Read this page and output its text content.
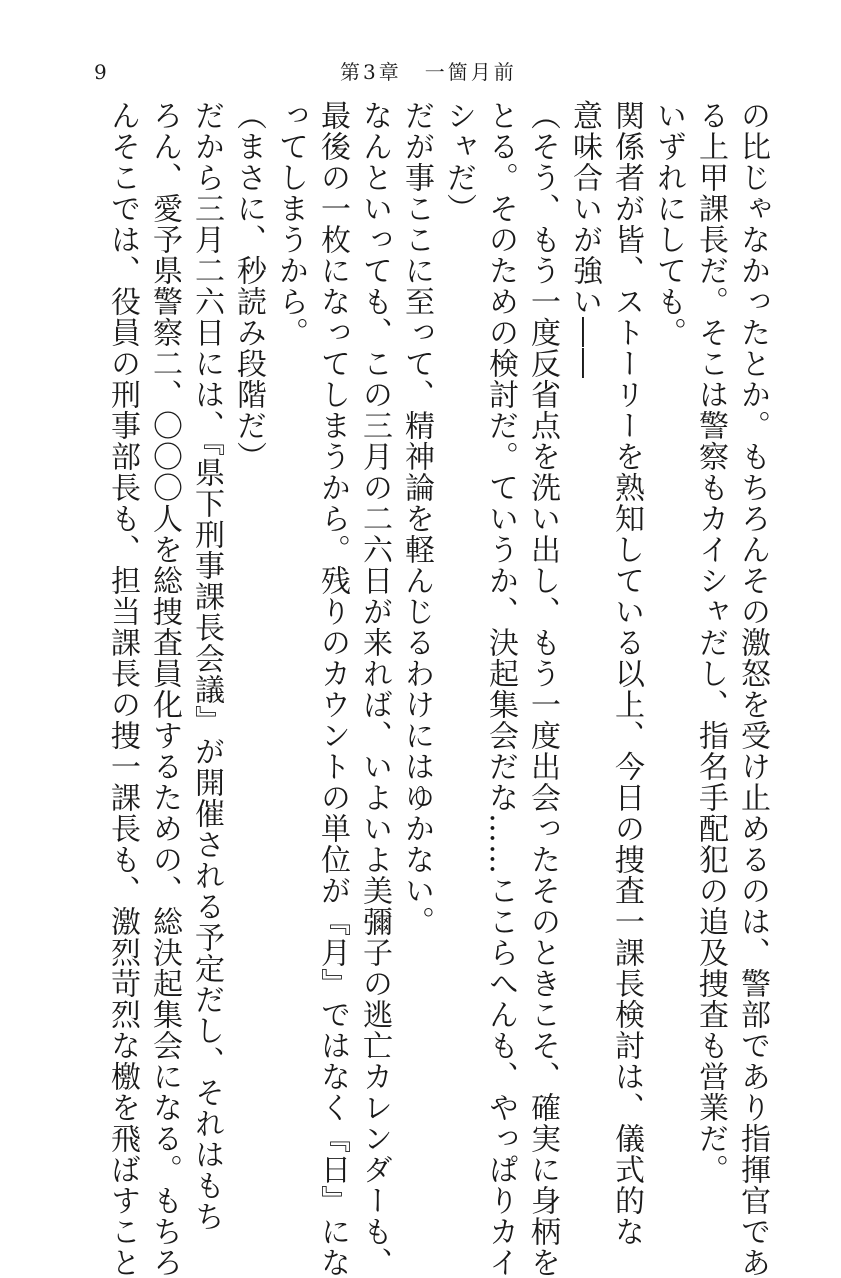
9	第3章　一箇月前

の比じゃなかったとか。もちろんその激怒を受け止めるのは、警部であり指揮官であ

る上甲課長だ。そこは警察もカイシャだし、指名手配犯の追及捜査も営業だ。

いずれにしても。

関係者が皆、ストーリーを熟知している以上、今日の捜査一課長検討は、儀式的な

意味合いが強い――

（そう、もう一度反省点を洗い出し、もう一度出会ったそのときこそ、確実に身柄を

とる。そのための検討だ。ていうか、決起集会だな……ここらへんも、やっぱりカイ

シャだ）

だが事ここに至って、精神論を軽んじるわけにはゆかない。

なんといっても、この三月の二六日が来れば、いよいよ美彌子の逃亡カレンダーも、

最後の一枚になってしまうから。残りのカウントの単位が『月』ではなく『日』にな

ってしまうから。

（まさに、秒読み段階だ）

だから三月二六日には、『県下刑事課長会議』が開催される予定だし、それはもち

ろん、愛予県警察二、〇〇〇人を総捜査員化するための、総決起集会になる。もちろ

んそこでは、役員の刑事部長も、担当課長の捜一課長も、激烈苛烈な檄を飛ばすこと
